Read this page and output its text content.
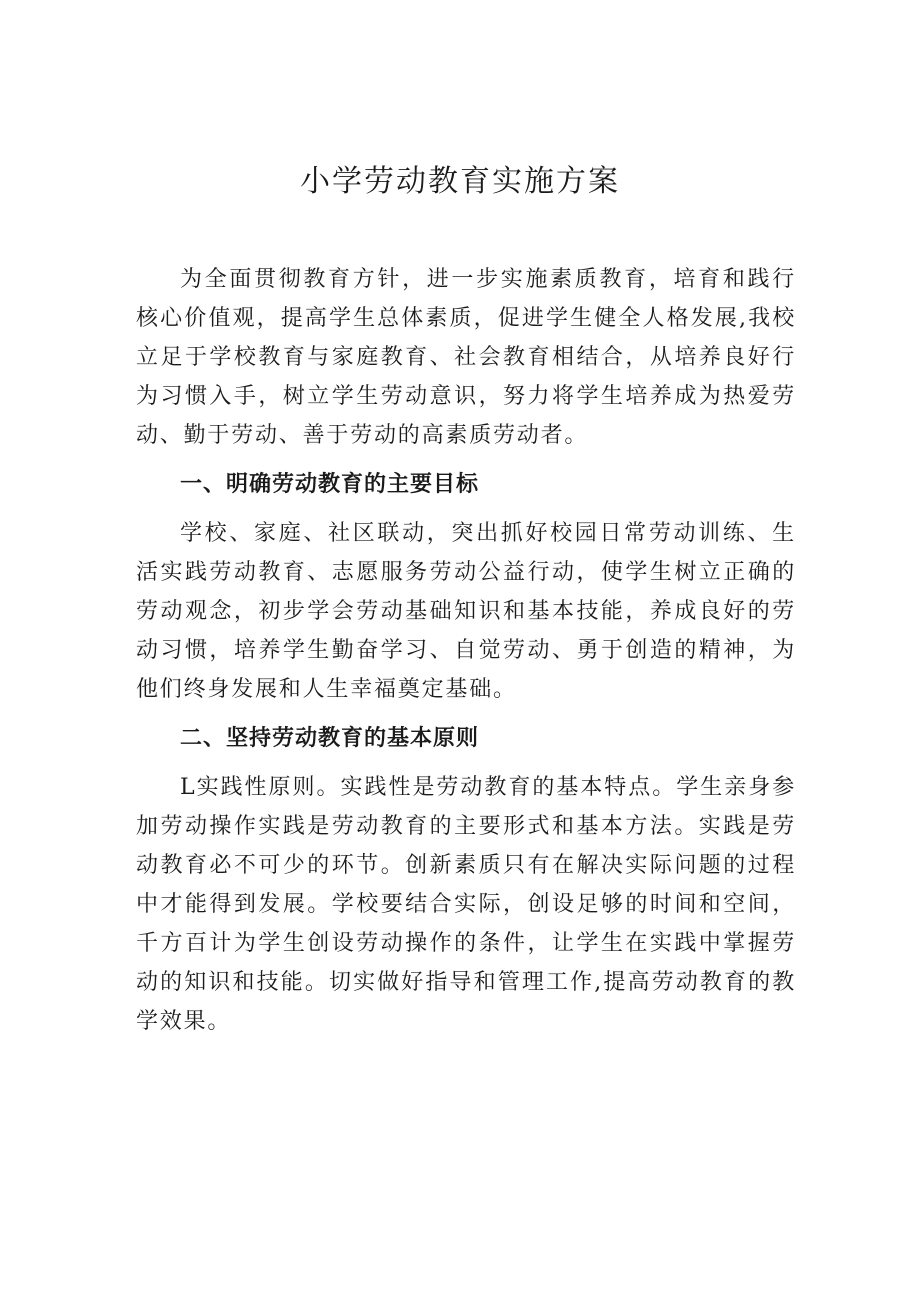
小学劳动教育实施方案

为全面贯彻教育方针，进一步实施素质教育，培育和践行核心价值观，提高学生总体素质，促进学生健全人格发展,我校立足于学校教育与家庭教育、社会教育相结合，从培养良好行为习惯入手，树立学生劳动意识，努力将学生培养成为热爱劳动、勤于劳动、善于劳动的高素质劳动者。

一、明确劳动教育的主要目标

学校、家庭、社区联动，突出抓好校园日常劳动训练、生活实践劳动教育、志愿服务劳动公益行动，使学生树立正确的劳动观念，初步学会劳动基础知识和基本技能，养成良好的劳动习惯，培养学生勤奋学习、自觉劳动、勇于创造的精神，为他们终身发展和人生幸福奠定基础。

二、坚持劳动教育的基本原则

L实践性原则。实践性是劳动教育的基本特点。学生亲身参加劳动操作实践是劳动教育的主要形式和基本方法。实践是劳动教育必不可少的环节。创新素质只有在解决实际问题的过程中才能得到发展。学校要结合实际，创设足够的时间和空间，千方百计为学生创设劳动操作的条件，让学生在实践中掌握劳动的知识和技能。切实做好指导和管理工作,提高劳动教育的教学效果。
